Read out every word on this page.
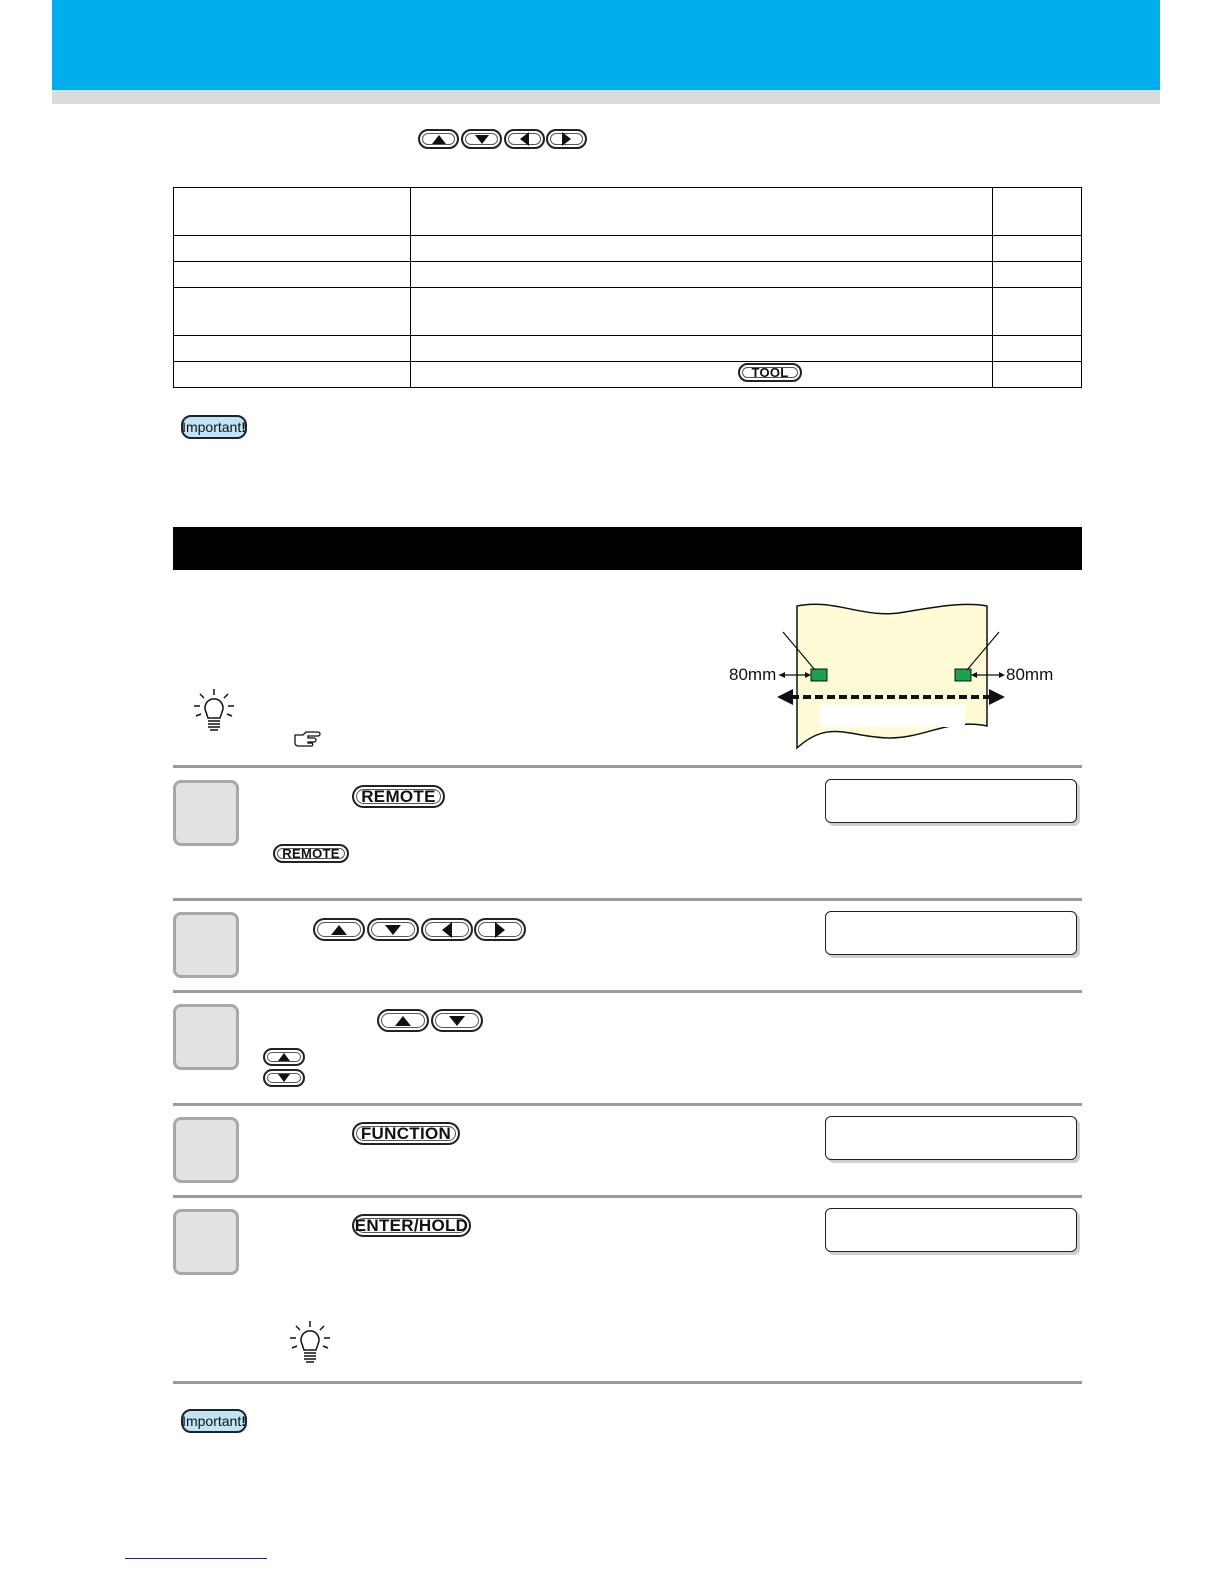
TOOL
Important !
80mm	80mm
REMOTE
REMOTE
FUNCTION
ENTER/HOLD
Important !
